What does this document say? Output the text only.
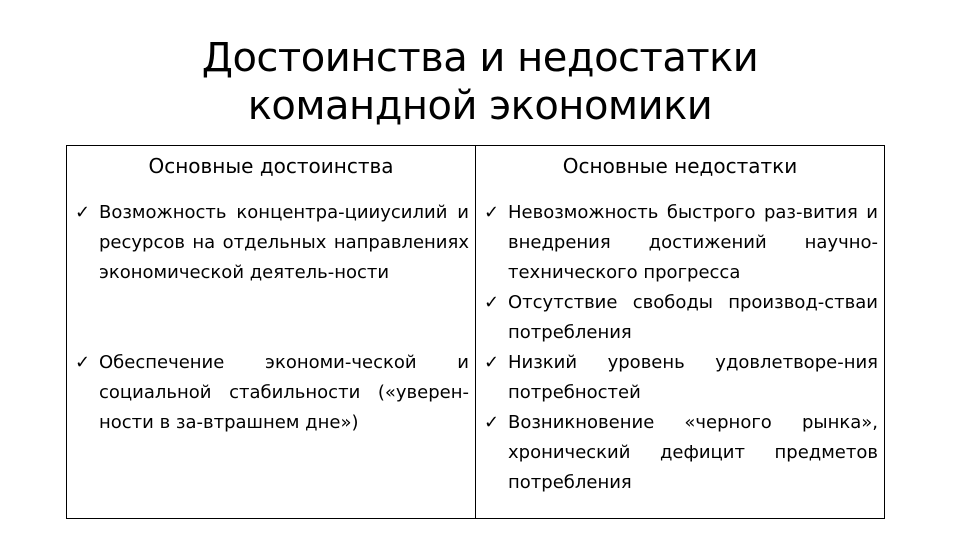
Достоинства и недостатки
командной экономики
Основные достоинства
✓ Возможность концентра-цииусилий и ресурсов на отдельных направлениях экономической деятель-ности
✓ Обеспечение экономи-ческой и социальной стабильности («уверен-ности в за-втрашнем дне»)
Основные недостатки
✓ Невозможность быстрого раз-вития и внедрения достижений научно-технического прогресса
✓ Отсутствие свободы производ-стваи потребления
✓ Низкий уровень удовлетворе-ния потребностей
✓ Возникновение «черного рынка», хронический дефицит предметов потребления
